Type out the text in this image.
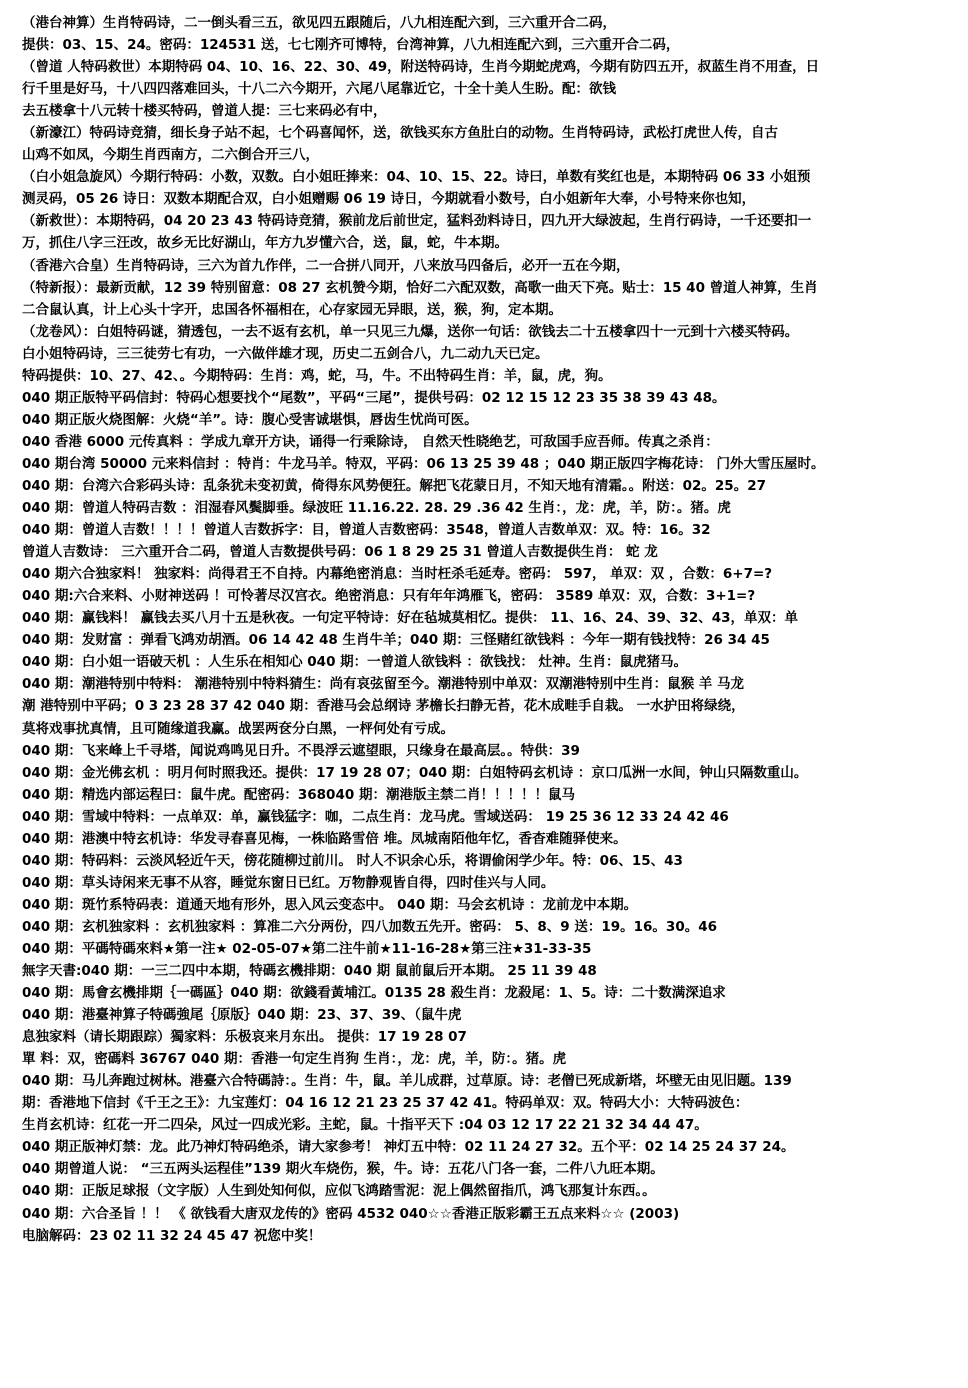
（港台神算）生肖特码诗，二一倒头看三五，欲见四五跟随后，八九相连配六到，三六重开合二码，
提供：03、15、24。密码：124531 送，七七刚齐可博特，台湾神算，八九相连配六到，三六重开合二码，
（曾道 人特码救世）本期特码 04、10、16、22、30、49，附送特码诗，生肖今期蛇虎鸡，今期有防四五开，叔蓝生肖不用查，日
行千里是好马，十八四四落难回头，十八二六今期开，六尾八尾靠近它，十全十美人生盼。配：欲钱
去五楼拿十八元转十楼买特码，曾道人提：三七来码必有中，
（新濠江）特码诗竞猜，细长身子站不起，七个码喜闻怀，送，欲钱买东方鱼肚白的动物。生肖特码诗，武松打虎世人传，自古
山鸡不如凤，今期生肖西南方，二六倒合开三八，
（白小姐急旋风）今期行特码：小数，双数。白小姐旺捧来：04、10、15、22。诗曰，单数有奖红也是，本期特码 06 33 小姐预
测灵码，05 26 诗日：双数本期配合双，白小姐赠赐 06 19 诗日，今期就看小数号，白小姐新年大奉，小号特来你也知，
（新救世）：本期特码，04 20 23 43 特码诗竞猜，猴前龙后前世定，猛料劲料诗日，四九开大绿波起，生肖行码诗，一千还要扣一
万，抓住八字三汪改，故乡无比好湖山，年方九岁懂六合，送，鼠，蛇，牛本期。
（香港六合皇）生肖特码诗，三六为首九作伴，二一合拼八同开，八来放马四备后，必开一五在今期，
（特新报）：最新贡献，12 39 特别留意：08 27 玄机赞今期，恰好二六配双数，高歌一曲天下亮。贴士：15 40 曾道人神算，生肖
二合鼠认真，计上心头十字开，忠国各怀福相在，心存家园无异眼，送，猴，狗，定本期。
（龙卷风）：白姐特码谜，猜透包，一去不返有玄机，单一只见三九爆，送你一句话：欲钱去二十五楼拿四十一元到十六楼买特码。
白小姐特码诗，三三徒劳七有功，一六做伴雄才现，历史二五剑合八，九二动九天已定。
特码提供：10、27、42、。今期特码：生肖：鸡，蛇，马，牛。不出特码生肖：羊，鼠，虎，狗。
040 期正版特平码信封：特码心想要找个“尾数”，平码“三尾”，提供号码：02 12 15 12 23 35 38 39 43 48。
040 期正版火烧图解：火烧“羊”。诗：腹心受害诚堪惧，唇齿生忧尚可医。
040 香港 6000 元传真料 ：学成九章开方诀，诵得一行乘除诗， 自然天性晓绝艺，可敌国手应吾师。传真之杀肖：
040 期台湾 50000 元来料信封 ：特肖：牛龙马羊。特双，平码：06 13 25 39 48 ；040 期正版四字梅花诗： 门外大雪压屋时。
040 期：台湾六合彩码头诗：乱条犹未变初黄，倚得东风势便狂。解把飞花蒙日月，不知天地有清霜。。附送：02。25。27
040 期：曾道人特码吉数 ：泪湿春风鬓脚垂。绿波旺 11.16.22. 28. 29 .36 42 生肖：，龙：虎，羊，防：。猪。虎
040 期：曾道人吉数！！！！曾道人吉数拆字：目，曾道人吉数密码：3548，曾道人吉数单双：双。特：16。32
曾道人吉数诗： 三六重开合二码，曾道人吉数提供号码：06 1 8 29 25 31 曾道人吉数提供生肖： 蛇 龙
040 期六合独家料！ 独家料：尚得君王不自持。内幕绝密消息：当时枉杀毛延寿。密码： 597， 单双：双 ，合数：6+7=?
040 期:六合来料、小财神送码 ！可怜著尽汉宫衣。绝密消息：只有年年鸿雁飞，密码： 3589 单双：双，合数：3+1=?
040 期：赢钱料！ 赢钱去买八月十五是秋夜。一句定平特诗：好在毡城莫相忆。提供： 11、16、24、39、32、43，单双：单
040 期：发财富 ：弹看飞鸿劝胡酒。06 14 42 48 生肖牛羊；040 期：三怪赌红欲钱料 ：今年一期有钱找特：26 34 45
040 期：白小姐一语破天机 ：人生乐在相知心 040 期：一曾道人欲钱料 ：欲钱找： 灶神。生肖：鼠虎猪马。
040 期：潮港特别中特料： 潮港特别中特料猜生：尚有哀弦留至今。潮港特别中单双：双潮港特别中生肖：鼠猴 羊 马龙
潮 港特别中平码；0 3 23 28 37 42 040 期：香港马会总纲诗 茅檐长扫静无苔，花木成畦手自栽。 一水护田将绿绕，
莫将戏事扰真情，且可随缘道我赢。战罢两奁分白黑，一枰何处有亏成。
040 期：飞来峰上千寻塔，闻说鸡鸣见日升。不畏浮云遮望眼，只缘身在最高层。。特供：39
040 期：金光佛玄机 ：明月何时照我还。提供：17 19 28 07；040 期：白姐特码玄机诗 ：京口瓜洲一水间，钟山只隔数重山。
040 期：精选内部运程曰：鼠牛虎。配密码：368040 期：潮港版主禁二肖！！！！！鼠马
040 期：雪域中特料：一点单双：单，赢钱猛字：咖，二点生肖：龙马虎。雪域送码： 19 25 36 12 33 24 42 46
040 期：港澳中特玄机诗：华发寻春喜见梅，一株临路雪倍 堆。凤城南陌他年忆，香杳难随驿使来。
040 期：特码料：云淡风轻近午天，傍花随柳过前川。 时人不识余心乐，将谓偷闲学少年。特：06、15、43
040 期：草头诗闲来无事不从容，睡觉东窗日已红。万物静观皆自得，四时佳兴与人同。
040 期：斑竹系特码表：道通天地有形外，思入风云变态中。 040 期：马会玄机诗 ：龙前龙中本期。
040 期：玄机独家料 ：玄机独家料 ：算准二六分两份，四八加数五先开。密码： 5、8、9 送：19。16。30。46
040 期：平碼特碼來料★第一注★ 02-05-07★第二注牛前★11-16-28★第三注★31-33-35
無字天書:040 期：一三二四中本期，特碼玄機排期：040 期 鼠前鼠后开本期。 25 11 39 48
040 期：馬會玄機排期｛一碼區｝040 期：欲錢看黃埔江。0135 28 殺生肖：龙殺尾：1、5。诗：二十数满深追求
040 期：港臺神算子特碼強尾｛原版｝040 期：23、37、39、（鼠牛虎
息独家料（请长期跟踪）獨家料：乐极哀来月东出。 提供：17 19 28 07
單 料：双，密碼料 36767 040 期：香港一句定生肖狗 生肖：，龙：虎，羊，防：。猪。虎
040 期：马儿奔跑过树林。港臺六合特碼詩：。生肖：牛，鼠。羊儿成群，过草原。诗：老僧已死成新塔，坏壁无由见旧题。139
期：香港地下信封《千王之王》：九宝莲灯：04 16 12 21 23 25 37 42 41。特码单双：双。特码大小：大特码波色：
生肖玄机诗：红花一开二四朵，风过一四成光彩。主蛇，鼠。十指平天下 :04 03 12 17 22 21 32 34 44 47。
040 期正版神灯禁：龙。此乃神灯特码绝杀，请大家参考！ 神灯五中特：02 11 24 27 32。五个平：02 14 25 24 37 24。
040 期曾道人说： “三五两头运程佳”139 期火车烧伤，猴，牛。诗：五花八门各一套，二件八九旺本期。
040 期：正版足球报（文字版）人生到处知何似，应似飞鸿踏雪泥：泥上偶然留指爪，鸿飞那复计东西。。
040 期：六合圣旨 ！！ 《 欲钱看大唐双龙传的》密码 4532 040☆☆香港正版彩霸王五点来料☆☆ (2003)
电脑解码：23 02 11 32 24 45 47 祝您中奖！
